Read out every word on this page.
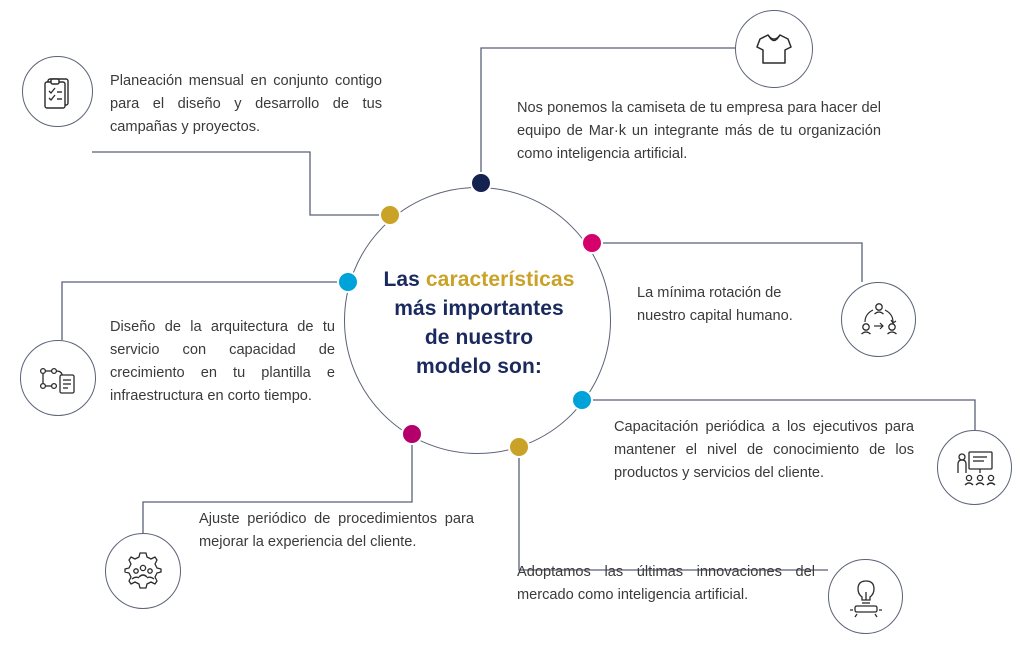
Las características
más importantes
de nuestro
modelo son:
Planeación mensual en conjunto contigo para el diseño y desarrollo de tus campañas y proyectos.
Nos ponemos la camiseta de tu empresa para hacer del equipo de Mar·k un integrante más de tu organización como inteligencia artificial.
La mínima rotación de nuestro capital humano.
Capacitación periódica a los ejecutivos para mantener el nivel de conocimiento de los productos y servicios del cliente.
Adoptamos las últimas innovaciones del mercado como inteligencia artificial.
Ajuste periódico de procedimientos para mejorar la experiencia del cliente.
Diseño de la arquitectura de tu servicio con capacidad de crecimiento en tu plantilla e infraestructura en corto tiempo.
